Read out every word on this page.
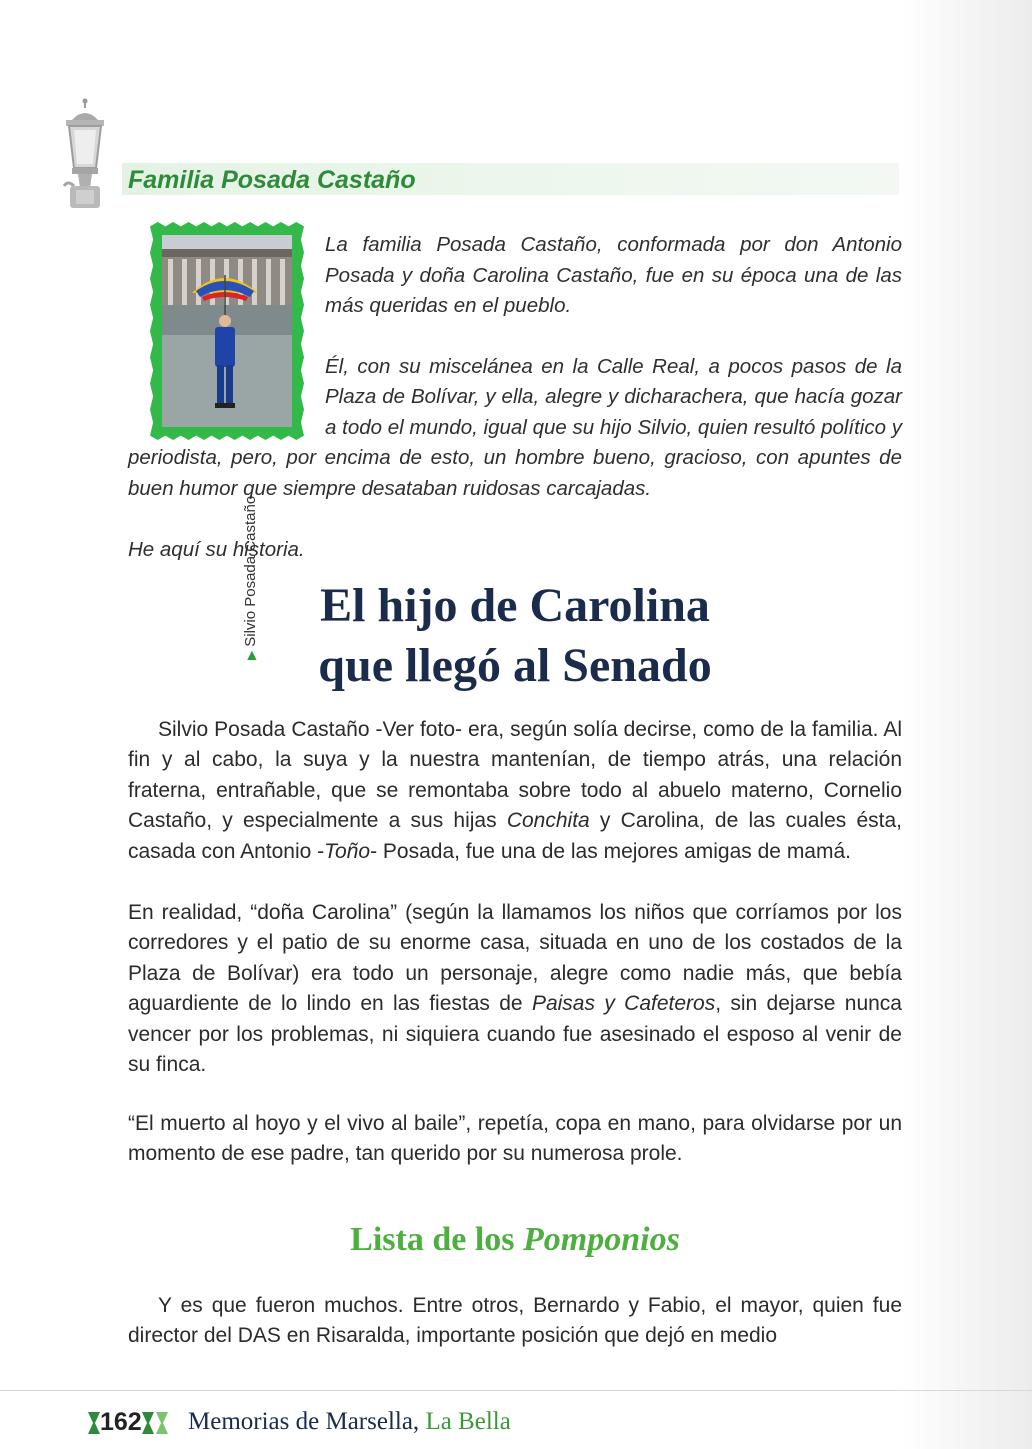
Familia Posada Castaño
▶Silvio Posada Castaño

La familia Posada Castaño, conformada por don Antonio Posada y doña Carolina Castaño, fue en su época una de las más queridas en el pueblo.

Él, con su miscelánea en la Calle Real, a pocos pasos de la Plaza de Bolívar, y ella, alegre y dicharachera, que hacía gozar a todo el mundo, igual que su hijo Silvio, quien resultó político y periodista, pero, por encima de esto, un hombre bueno, gracioso, con apuntes de buen humor que siempre desataban ruidosas carcajadas.

He aquí su historia.

El hijo de Carolina
que llegó al Senado

Silvio Posada Castaño -Ver foto- era, según solía decirse, como de la familia. Al fin y al cabo, la suya y la nuestra mantenían, de tiempo atrás, una relación fraterna, entrañable, que se remontaba sobre todo al abuelo materno, Cornelio Castaño, y especialmente a sus hijas Conchita y Carolina, de las cuales ésta, casada con Antonio -Toño- Posada, fue una de las mejores amigas de mamá.

En realidad, “doña Carolina” (según la llamamos los niños que corríamos por los corredores y el patio de su enorme casa, situada en uno de los costados de la Plaza de Bolívar) era todo un personaje, alegre como nadie más, que bebía aguardiente de lo lindo en las fiestas de Paisas y Cafeteros, sin dejarse nunca vencer por los problemas, ni siquiera cuando fue asesinado el esposo al venir de su finca.

“El muerto al hoyo y el vivo al baile”, repetía, copa en mano, para olvidarse por un momento de ese padre, tan querido por su numerosa prole.

Lista de los Pomponios

Y es que fueron muchos. Entre otros, Bernardo y Fabio, el mayor, quien fue director del DAS en Risaralda, importante posición que dejó en medio

162	Memorias de Marsella, La Bella
